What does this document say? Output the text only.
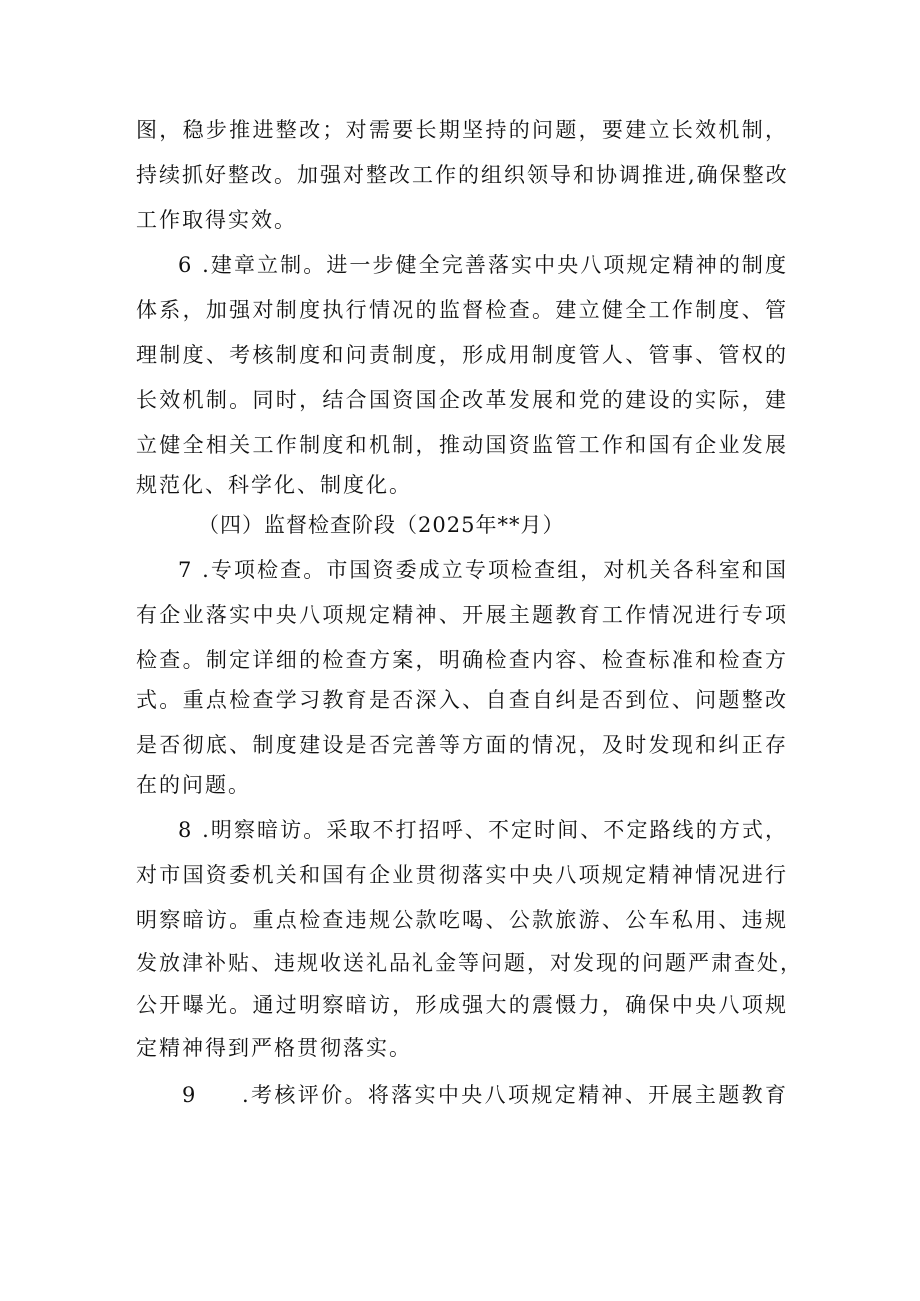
图，稳步推进整改；对需要长期坚持的问题，要建立长效机制，
持续抓好整改。加强对整改工作的组织领导和协调推进,确保整改
工作取得实效。
6 .建章立制。进一步健全完善落实中央八项规定精神的制度
体系，加强对制度执行情况的监督检查。建立健全工作制度、管
理制度、考核制度和问责制度，形成用制度管人、管事、管权的
长效机制。同时，结合国资国企改革发展和党的建设的实际，建
立健全相关工作制度和机制，推动国资监管工作和国有企业发展
规范化、科学化、制度化。
（四）监督检查阶段（2025年**月）
7 .专项检查。市国资委成立专项检查组，对机关各科室和国
有企业落实中央八项规定精神、开展主题教育工作情况进行专项
检查。制定详细的检查方案，明确检查内容、检查标准和检查方
式。重点检查学习教育是否深入、自查自纠是否到位、问题整改
是否彻底、制度建设是否完善等方面的情况，及时发现和纠正存
在的问题。
8 .明察暗访。采取不打招呼、不定时间、不定路线的方式，
对市国资委机关和国有企业贯彻落实中央八项规定精神情况进行
明察暗访。重点检查违规公款吃喝、公款旅游、公车私用、违规
发放津补贴、违规收送礼品礼金等问题，对发现的问题严肃查处，
公开曝光。通过明察暗访，形成强大的震慑力，确保中央八项规
定精神得到严格贯彻落实。
9 .考核评价。将落实中央八项规定精神、开展主题教育
